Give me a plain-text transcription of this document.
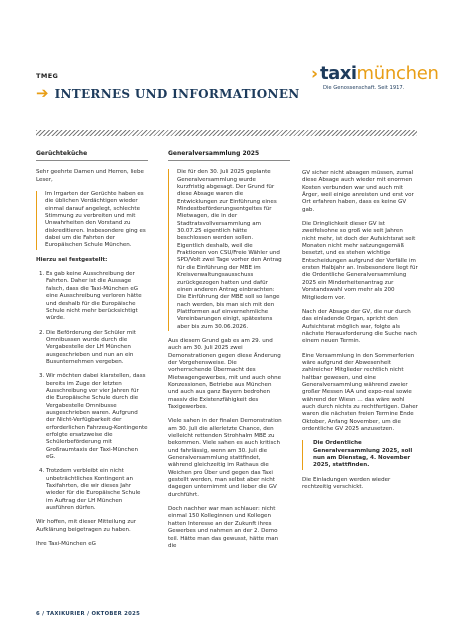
TMEG
➔ INTERNES UND INFORMATIONEN
› taxi münchen
Die Genossenschaft. Seit 1917.
Gerüchteküche

Sehr geehrte Damen und Herren, liebe Leser,

Im Irrgarten der Gerüchte haben es die üblichen Verdächtigen wieder einmal darauf angelegt, schlechte Stimmung zu verbreiten und mit Unwahrheiten den Vorstand zu diskreditieren. Insbesondere ging es dabei um die Fahrten der Europäischen Schule München.

Hierzu sei festgestellt:

1. Es gab keine Ausschreibung der Fahrten. Daher ist die Aussage falsch, dass die Taxi-München eG eine Ausschreibung verloren hätte und deshalb für die Europäische Schule nicht mehr berücksichtigt würde.
2. Die Beförderung der Schüler mit Omnibussen wurde durch die Vergabestelle der LH München ausgeschrieben und nun an ein Busunternehmen vergeben.
3. Wir möchten dabei klarstellen, dass bereits im Zuge der letzten Ausschreibung vor vier Jahren für die Europäische Schule durch die Vergabestelle Omnibusse ausgeschrieben waren. Aufgrund der Nicht-Verfügbarkeit der erforderlichen Fahrzeug-Kontingente erfolgte ersatzweise die Schülerbeförderung mit Großraumtaxis der Taxi-München eG.
4. Trotzdem verbleibt ein nicht unbeträchtliches Kontingent an Taxifahrten, die wir dieses Jahr wieder für die Europäische Schule im Auftrag der LH München ausführen dürfen.

Wir hoffen, mit dieser Mitteilung zur Aufklärung beigetragen zu haben.

Ihre Taxi-München eG

Generalversammlung 2025

Die für den 30. Juli 2025 geplante Generalversammlung wurde kurzfristig abgesagt. Der Grund für diese Absage waren die Entwicklungen zur Einführung eines Mindestbeförderungsentgeltes für Mietwagen, die in der Stadtratsvollversammlung am 30.07.25 eigentlich hätte beschlossen werden sollen. Eigentlich deshalb, weil die Fraktionen von CSU/Freie Wähler und SPD/Volt zwei Tage vorher den Antrag für die Einführung der MBE im Kreisverwaltungsausschuss zurückgezogen hatten und dafür einen anderen Antrag einbrachten: Die Einführung der MBE soll so lange nach werden, bis man sich mit den Plattformen auf einvernehmliche Vereinbarungen einigt, spätestens aber bis zum 30.06.2026.

Aus diesem Grund gab es am 29. und auch am 30. Juli 2025 zwei Demonstrationen gegen diese Änderung der Vorgehensweise. Die vorherrschende Übermacht des Mietwagengewerbes, mit und auch ohne Konzessionen, Betriebe aus München und auch aus ganz Bayern bedrohen massiv die Existenzfähigkeit des Taxigewerbes.

Viele sahen in der finalen Demonstration am 30. Juli die allerletzte Chance, den vielleicht rettenden Strohhalm MBE zu bekommen. Viele sahen es auch kritisch und fahrlässig, wenn am 30. Juli die Generalversammlung stattfindet, während gleichzeitig im Rathaus die Weichen pro Über und gegen das Taxi gestellt werden, man selbst aber nicht dagegen unternimmt und lieber die GV durchführt.

Doch nachher war man schlauer: nicht einmal 150 Kolleginnen und Kollegen hatten Interesse an der Zukunft ihres Gewerbes und nahmen an der 2. Demo teil. Hätte man das gewusst, hätte man die

GV sicher nicht absagen müssen, zumal diese Absage auch wieder mit enormen Kosten verbunden war und auch mit Ärger, weil einige anreisten und erst vor Ort erfahren haben, dass es keine GV gab.

Die Dringlichkeit dieser GV ist zweifelsohne so groß wie seit Jahren nicht mehr, ist doch der Aufsichtsrat seit Monaten nicht mehr satzungsgemäß besetzt, und es stehen wichtige Entscheidungen aufgrund der Vorfälle im ersten Halbjahr an. Insbesondere liegt für die Ordentliche Generalversammlung 2025 ein Minderheitenantrag zur Vorstandswahl vom mehr als 200 Mitgliedern vor.

Nach der Absage der GV, die nur durch das einladende Organ, spricht den Aufsichtsrat möglich war, folgte als nächste Herausforderung die Suche nach einem neuen Termin.

Eine Versammlung in den Sommerferien wäre aufgrund der Abwesenheit zahlreicher Mitglieder rechtlich nicht haltbar gewesen, und eine Generalversammlung während zweier großer Messen IAA und expo-real sowie während der Wiesn … das wäre wohl auch durch nichts zu rechtfertigen. Daher waren die nächsten freien Termine Ende Oktober, Anfang November, um die ordentliche GV 2025 anzusetzen.

Die Ordentliche Generalversammlung 2025, soll nun am Dienstag, 4. November 2025, stattfinden.

Die Einladungen werden wieder rechtzeitig verschickt.

6 / TAXIKURIER / OKTOBER 2025
